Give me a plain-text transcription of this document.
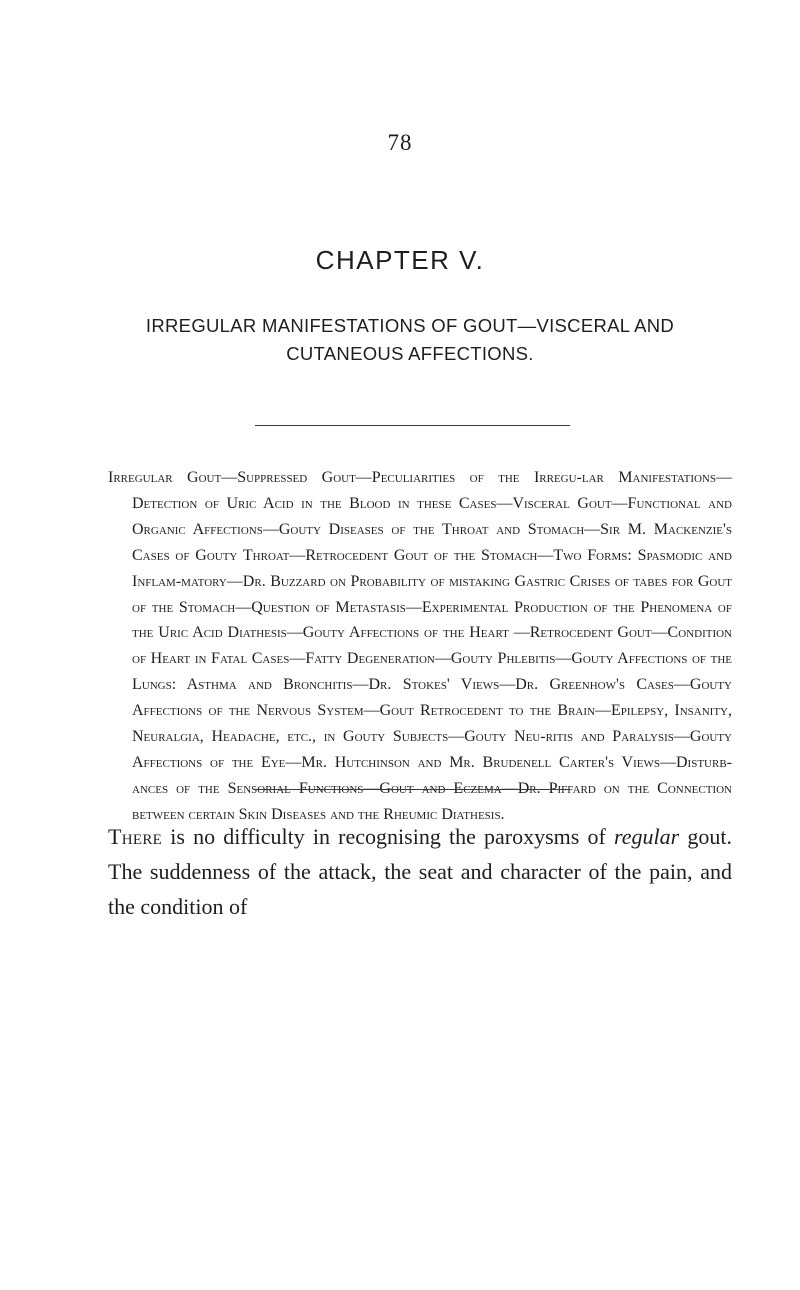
78
CHAPTER V.
IRREGULAR MANIFESTATIONS OF GOUT—VISCERAL AND CUTANEOUS AFFECTIONS.

Irregular Gout—Suppressed Gout—Peculiarities of the Irregu-lar Manifestations—Detection of Uric Acid in the Blood in these Cases—Visceral Gout—Functional and Organic Affections—Gouty Diseases of the Throat and Stomach—Sir M. Mackenzie's Cases of Gouty Throat—Retrocedent Gout of the Stomach—Two Forms: Spasmodic and Inflam-matory—Dr. Buzzard on Probability of mistaking Gastric Crises of tabes for Gout of the Stomach—Question of Metastasis—Experimental Production of the Phenomena of the Uric Acid Diathesis—Gouty Affections of the Heart —Retrocedent Gout—Condition of Heart in Fatal Cases—Fatty Degeneration—Gouty Phlebitis—Gouty Affections of the Lungs: Asthma and Bronchitis—Dr. Stokes' Views—Dr. Greenhow's Cases—Gouty Affections of the Nervous System—Gout Retrocedent to the Brain—Epilepsy, Insanity, Neuralgia, Headache, etc., in Gouty Subjects—Gouty Neu-ritis and Paralysis—Gouty Affections of the Eye—Mr. Hutchinson and Mr. Brudenell Carter's Views—Disturb-ances of the Sensorial Functions—Gout and Eczema—Dr. Piffard on the Connection between certain Skin Diseases and the Rheumic Diathesis.

There is no difficulty in recognising the paroxysms of regular gout. The suddenness of the attack, the seat and character of the pain, and the condition of
